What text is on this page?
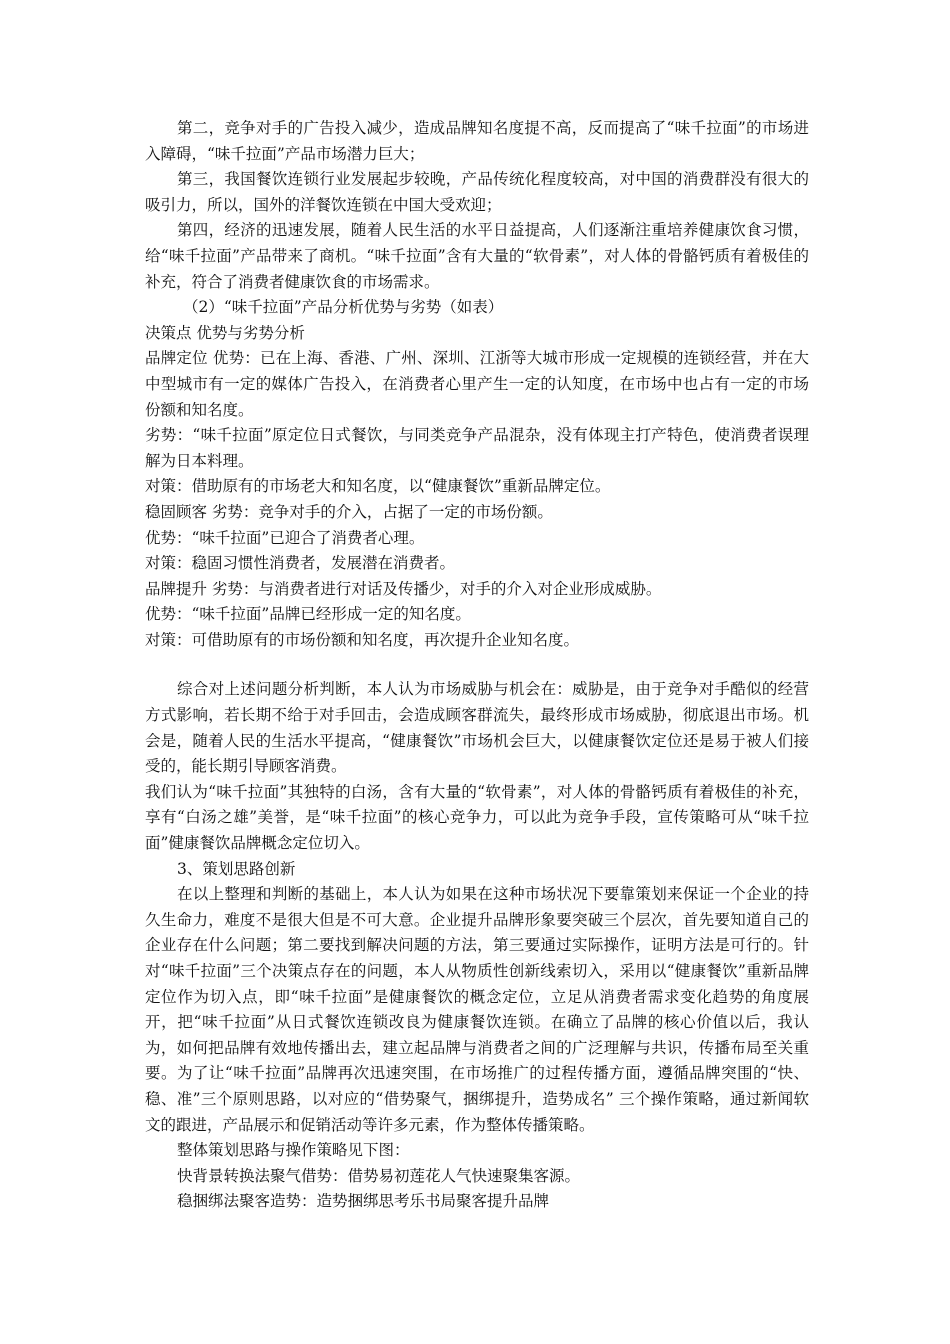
第二，竞争对手的广告投入减少，造成品牌知名度提不高，反而提高了“味千拉面”的市场进入障碍，“味千拉面”产品市场潜力巨大；

第三，我国餐饮连锁行业发展起步较晚，产品传统化程度较高，对中国的消费群没有很大的吸引力，所以，国外的洋餐饮连锁在中国大受欢迎；

第四，经济的迅速发展，随着人民生活的水平日益提高，人们逐渐注重培养健康饮食习惯，给“味千拉面”产品带来了商机。“味千拉面”含有大量的“软骨素”，对人体的骨骼钙质有着极佳的补充，符合了消费者健康饮食的市场需求。

（2）“味千拉面”产品分析优势与劣势（如表）

决策点 优势与劣势分析

品牌定位 优势：已在上海、香港、广州、深圳、江浙等大城市形成一定规模的连锁经营，并在大中型城市有一定的媒体广告投入，在消费者心里产生一定的认知度，在市场中也占有一定的市场份额和知名度。

劣势：“味千拉面”原定位日式餐饮，与同类竞争产品混杂，没有体现主打产特色，使消费者误理解为日本料理。

对策：借助原有的市场老大和知名度，以“健康餐饮”重新品牌定位。

稳固顾客 劣势：竞争对手的介入，占据了一定的市场份额。

优势：“味千拉面”已迎合了消费者心理。

对策：稳固习惯性消费者，发展潜在消费者。

品牌提升 劣势：与消费者进行对话及传播少，对手的介入对企业形成威胁。

优势：“味千拉面”品牌已经形成一定的知名度。

对策：可借助原有的市场份额和知名度，再次提升企业知名度。

综合对上述问题分析判断，本人认为市场威胁与机会在：威胁是，由于竞争对手酷似的经营方式影响，若长期不给于对手回击，会造成顾客群流失，最终形成市场威胁，彻底退出市场。机会是，随着人民的生活水平提高，“健康餐饮”市场机会巨大，以健康餐饮定位还是易于被人们接受的，能长期引导顾客消费。

我们认为“味千拉面”其独特的白汤，含有大量的“软骨素”，对人体的骨骼钙质有着极佳的补充，享有“白汤之雄”美誉，是“味千拉面”的核心竞争力，可以此为竞争手段，宣传策略可从“味千拉面”健康餐饮品牌概念定位切入。

3、策划思路创新

在以上整理和判断的基础上，本人认为如果在这种市场状况下要靠策划来保证一个企业的持久生命力，难度不是很大但是不可大意。企业提升品牌形象要突破三个层次，首先要知道自己的企业存在什么问题；第二要找到解决问题的方法，第三要通过实际操作，证明方法是可行的。针对“味千拉面”三个决策点存在的问题，本人从物质性创新线索切入，采用以“健康餐饮”重新品牌定位作为切入点，即“味千拉面”是健康餐饮的概念定位，立足从消费者需求变化趋势的角度展开，把“味千拉面”从日式餐饮连锁改良为健康餐饮连锁。在确立了品牌的核心价值以后，我认为，如何把品牌有效地传播出去，建立起品牌与消费者之间的广泛理解与共识，传播布局至关重要。为了让“味千拉面”品牌再次迅速突围，在市场推广的过程传播方面，遵循品牌突围的“快、稳、准”三个原则思路，以对应的“借势聚气，捆绑提升，造势成名” 三个操作策略，通过新闻软文的跟进，产品展示和促销活动等许多元素，作为整体传播策略。

整体策划思路与操作策略见下图：

快背景转换法聚气借势：借势易初莲花人气快速聚集客源。

稳捆绑法聚客造势：造势捆绑思考乐书局聚客提升品牌
